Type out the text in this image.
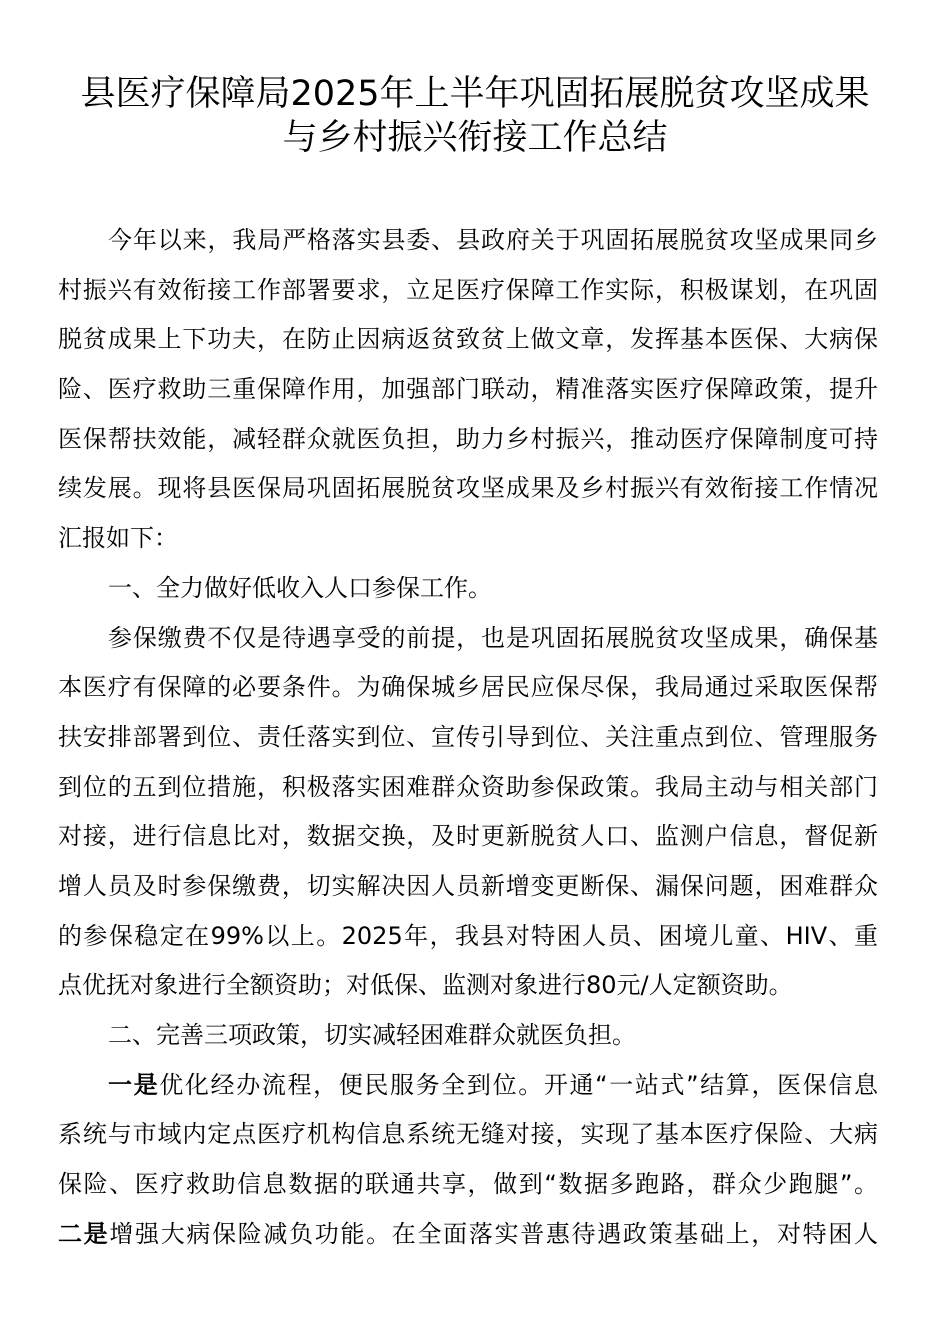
县医疗保障局2025年上半年巩固拓展脱贫攻坚成果
与乡村振兴衔接工作总结
今年以来，我局严格落实县委、县政府关于巩固拓展脱贫攻坚成果同乡
村振兴有效衔接工作部署要求，立足医疗保障工作实际，积极谋划，在巩固
脱贫成果上下功夫，在防止因病返贫致贫上做文章，发挥基本医保、大病保
险、医疗救助三重保障作用，加强部门联动，精准落实医疗保障政策，提升
医保帮扶效能，减轻群众就医负担，助力乡村振兴，推动医疗保障制度可持
续发展。现将县医保局巩固拓展脱贫攻坚成果及乡村振兴有效衔接工作情况
汇报如下：
一、全力做好低收入人口参保工作。
参保缴费不仅是待遇享受的前提，也是巩固拓展脱贫攻坚成果，确保基
本医疗有保障的必要条件。为确保城乡居民应保尽保，我局通过采取医保帮
扶安排部署到位、责任落实到位、宣传引导到位、关注重点到位、管理服务
到位的五到位措施，积极落实困难群众资助参保政策。我局主动与相关部门
对接，进行信息比对，数据交换，及时更新脱贫人口、监测户信息，督促新
增人员及时参保缴费，切实解决因人员新增变更断保、漏保问题，困难群众
的参保稳定在99%以上。2025年，我县对特困人员、困境儿童、HIV、重
点优抚对象进行全额资助；对低保、监测对象进行80元/人定额资助。
二、完善三项政策，切实减轻困难群众就医负担。
一是优化经办流程，便民服务全到位。开通“一站式”结算，医保信息
系统与市域内定点医疗机构信息系统无缝对接，实现了基本医疗保险、大病
保险、医疗救助信息数据的联通共享，做到“数据多跑路，群众少跑腿”。
二是增强大病保险减负功能。在全面落实普惠待遇政策基础上，对特困人
